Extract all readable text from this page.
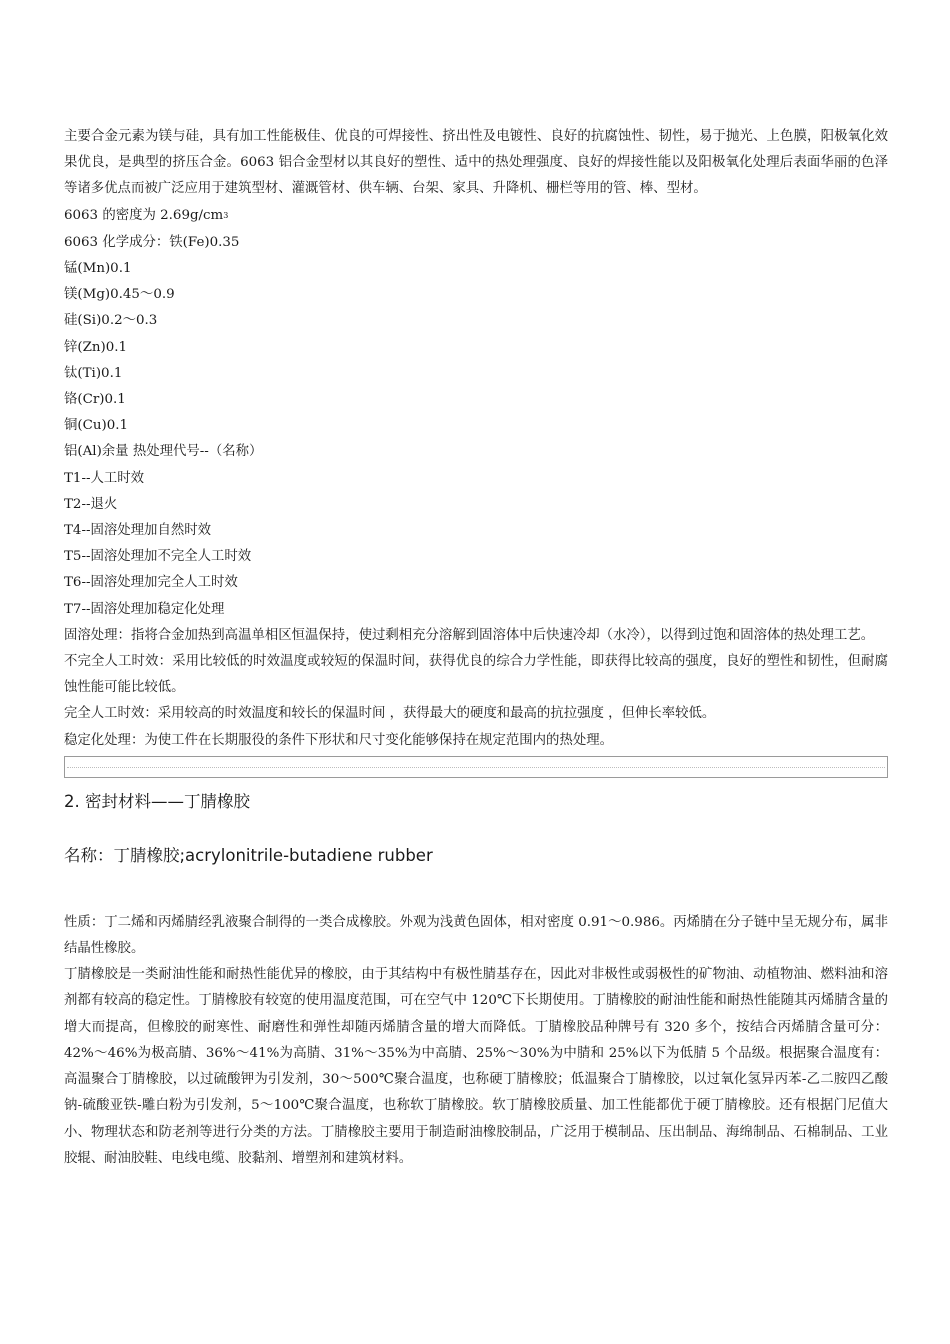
主要合金元素为镁与硅，具有加工性能极佳、优良的可焊接性、挤出性及电镀性、良好的抗腐蚀性、韧性，易于抛光、上色膜，阳极氧化效果优良，是典型的挤压合金。6063 铝合金型材以其良好的塑性、适中的热处理强度、良好的焊接性能以及阳极氧化处理后表面华丽的色泽等诸多优点而被广泛应用于建筑型材、灌溉管材、供车辆、台架、家具、升降机、栅栏等用的管、棒、型材。

6063 的密度为 $2.69g/cm^3$

6063 化学成分：铁(Fe)0.35

锰(Mn)0.1

镁(Mg)0.45～0.9

硅(Si)0.2～0.3

锌(Zn)0.1

钛(Ti)0.1

铬(Cr)0.1

铜(Cu)0.1

铝(Al)余量 热处理代号--（名称）

T1--人工时效

T2--退火

T4--固溶处理加自然时效

T5--固溶处理加不完全人工时效

T6--固溶处理加完全人工时效

T7--固溶处理加稳定化处理

固溶处理：指将合金加热到高温单相区恒温保持，使过剩相充分溶解到固溶体中后快速冷却（水冷），以得到过饱和固溶体的热处理工艺。

不完全人工时效：采用比较低的时效温度或较短的保温时间，获得优良的综合力学性能，即获得比较高的强度，良好的塑性和韧性，但耐腐蚀性能可能比较低。

完全人工时效：采用较高的时效温度和较长的保温时间 ，获得最大的硬度和最高的抗拉强度 ，但伸长率较低。

稳定化处理：为使工件在长期服役的条件下形状和尺寸变化能够保持在规定范围内的热处理。

2. 密封材料——丁腈橡胶

名称：丁腈橡胶;acrylonitrile-butadiene rubber

性质：丁二烯和丙烯腈经乳液聚合制得的一类合成橡胶。外观为浅黄色固体，相对密度 0.91～0.986。丙烯腈在分子链中呈无规分布，属非结晶性橡胶。

丁腈橡胶是一类耐油性能和耐热性能优异的橡胶，由于其结构中有极性腈基存在，因此对非极性或弱极性的矿物油、动植物油、燃料油和溶剂都有较高的稳定性。丁腈橡胶有较宽的使用温度范围，可在空气中 120℃下长期使用。丁腈橡胶的耐油性能和耐热性能随其丙烯腈含量的增大而提高，但橡胶的耐寒性、耐磨性和弹性却随丙烯腈含量的增大而降低。丁腈橡胶品种牌号有 320 多个，按结合丙烯腈含量可分：42%～46%为极高腈、36%～41%为高腈、31%～35%为中高腈、25%～30%为中腈和 25%以下为低腈 5 个品级。根据聚合温度有：高温聚合丁腈橡胶，以过硫酸钾为引发剂，30～500℃聚合温度，也称硬丁腈橡胶；低温聚合丁腈橡胶，以过氧化氢异丙苯-乙二胺四乙酸钠-硫酸亚铁-雕白粉为引发剂，5～100℃聚合温度，也称软丁腈橡胶。软丁腈橡胶质量、加工性能都优于硬丁腈橡胶。还有根据门尼值大小、物理状态和防老剂等进行分类的方法。丁腈橡胶主要用于制造耐油橡胶制品，广泛用于模制品、压出制品、海绵制品、石棉制品、工业胶辊、耐油胶鞋、电线电缆、胶黏剂、增塑剂和建筑材料。
